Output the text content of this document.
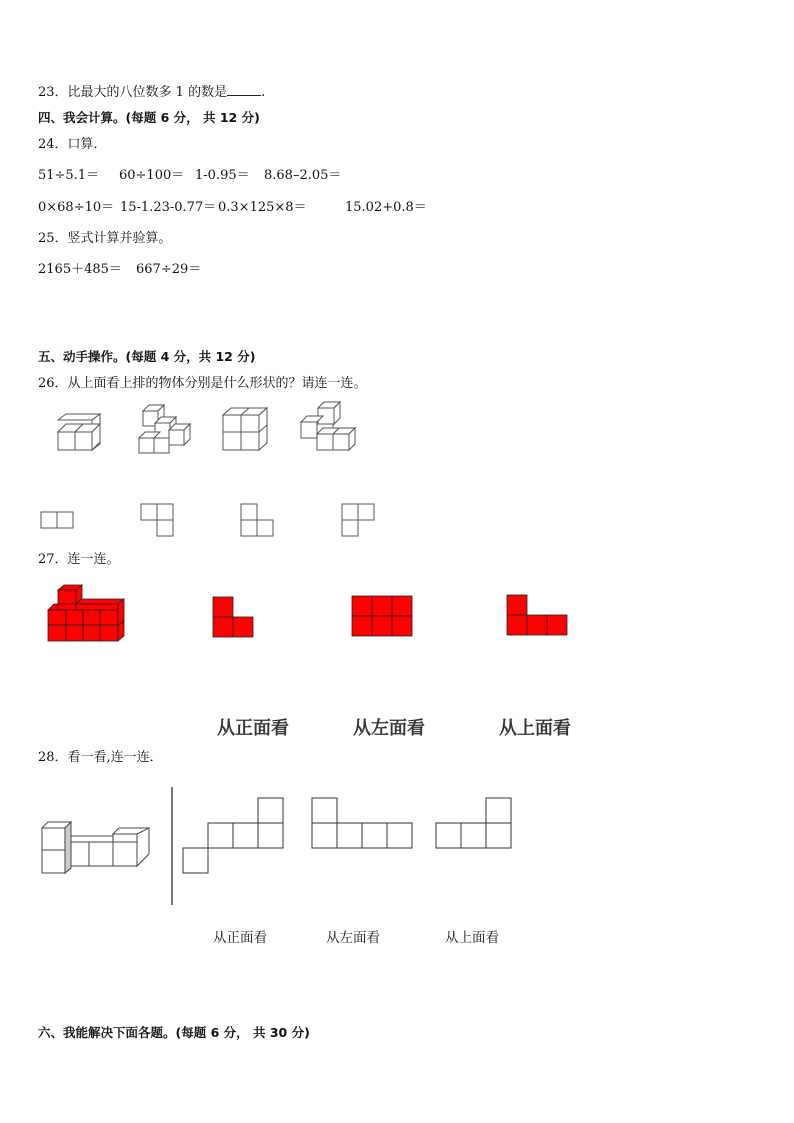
23．比最大的八位数多 1 的数是	.
四、我会计算。(每题 6 分， 共 12 分)
24．口算．
51÷5.1＝ 60÷100＝ 1-0.95＝ 8.68–2.05＝
0×68÷10＝ 15-1.23-0.77＝ 0.3×125×8＝	15.02+0.8＝
25．竖式计算并验算。
2165＋485＝ 667÷29＝
五、动手操作。(每题 4 分，共 12 分)
26．从上面看上排的物体分别是什么形状的？请连一连。
27．连一连。
从正面看	从左面看	从上面看
28．看一看,连一连．
从正面看	从左面看	从上面看
六、我能解决下面各题。(每题 6 分， 共 30 分)
